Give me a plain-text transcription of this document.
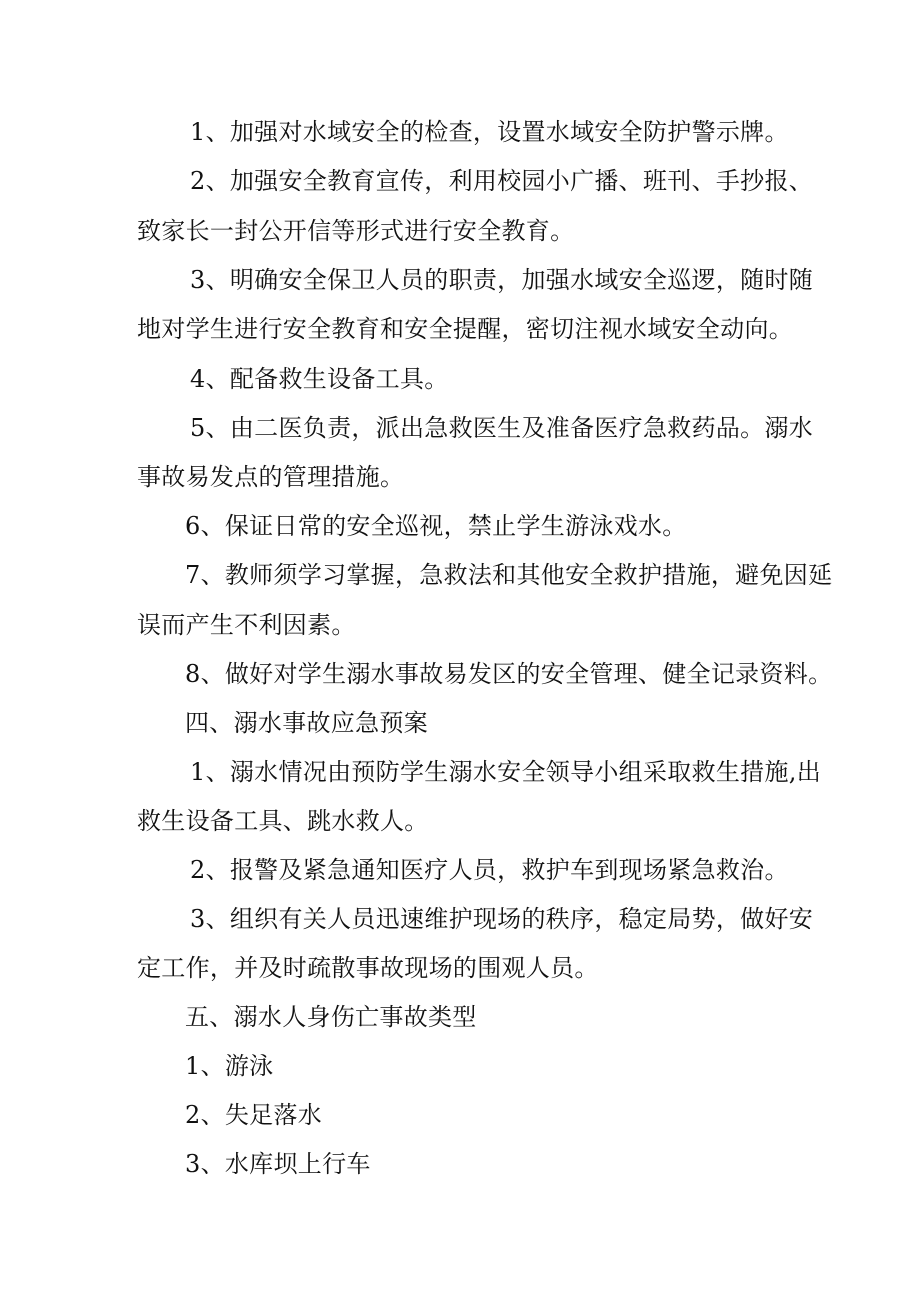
1、加强对水域安全的检查，设置水域安全防护警示牌。
2、加强安全教育宣传，利用校园小广播、班刊、手抄报、
致家长一封公开信等形式进行安全教育。
3、明确安全保卫人员的职责，加强水域安全巡逻，随时随
地对学生进行安全教育和安全提醒，密切注视水域安全动向。
4、配备救生设备工具。
5、由二医负责，派出急救医生及准备医疗急救药品。溺水
事故易发点的管理措施。
6、保证日常的安全巡视，禁止学生游泳戏水。
7、教师须学习掌握，急救法和其他安全救护措施，避免因延
误而产生不利因素。
8、做好对学生溺水事故易发区的安全管理、健全记录资料。
四、溺水事故应急预案
1、溺水情况由预防学生溺水安全领导小组采取救生措施,出
救生设备工具、跳水救人。
2、报警及紧急通知医疗人员，救护车到现场紧急救治。
3、组织有关人员迅速维护现场的秩序，稳定局势，做好安
定工作，并及时疏散事故现场的围观人员。
五、溺水人身伤亡事故类型
1、游泳
2、失足落水
3、水库坝上行车
